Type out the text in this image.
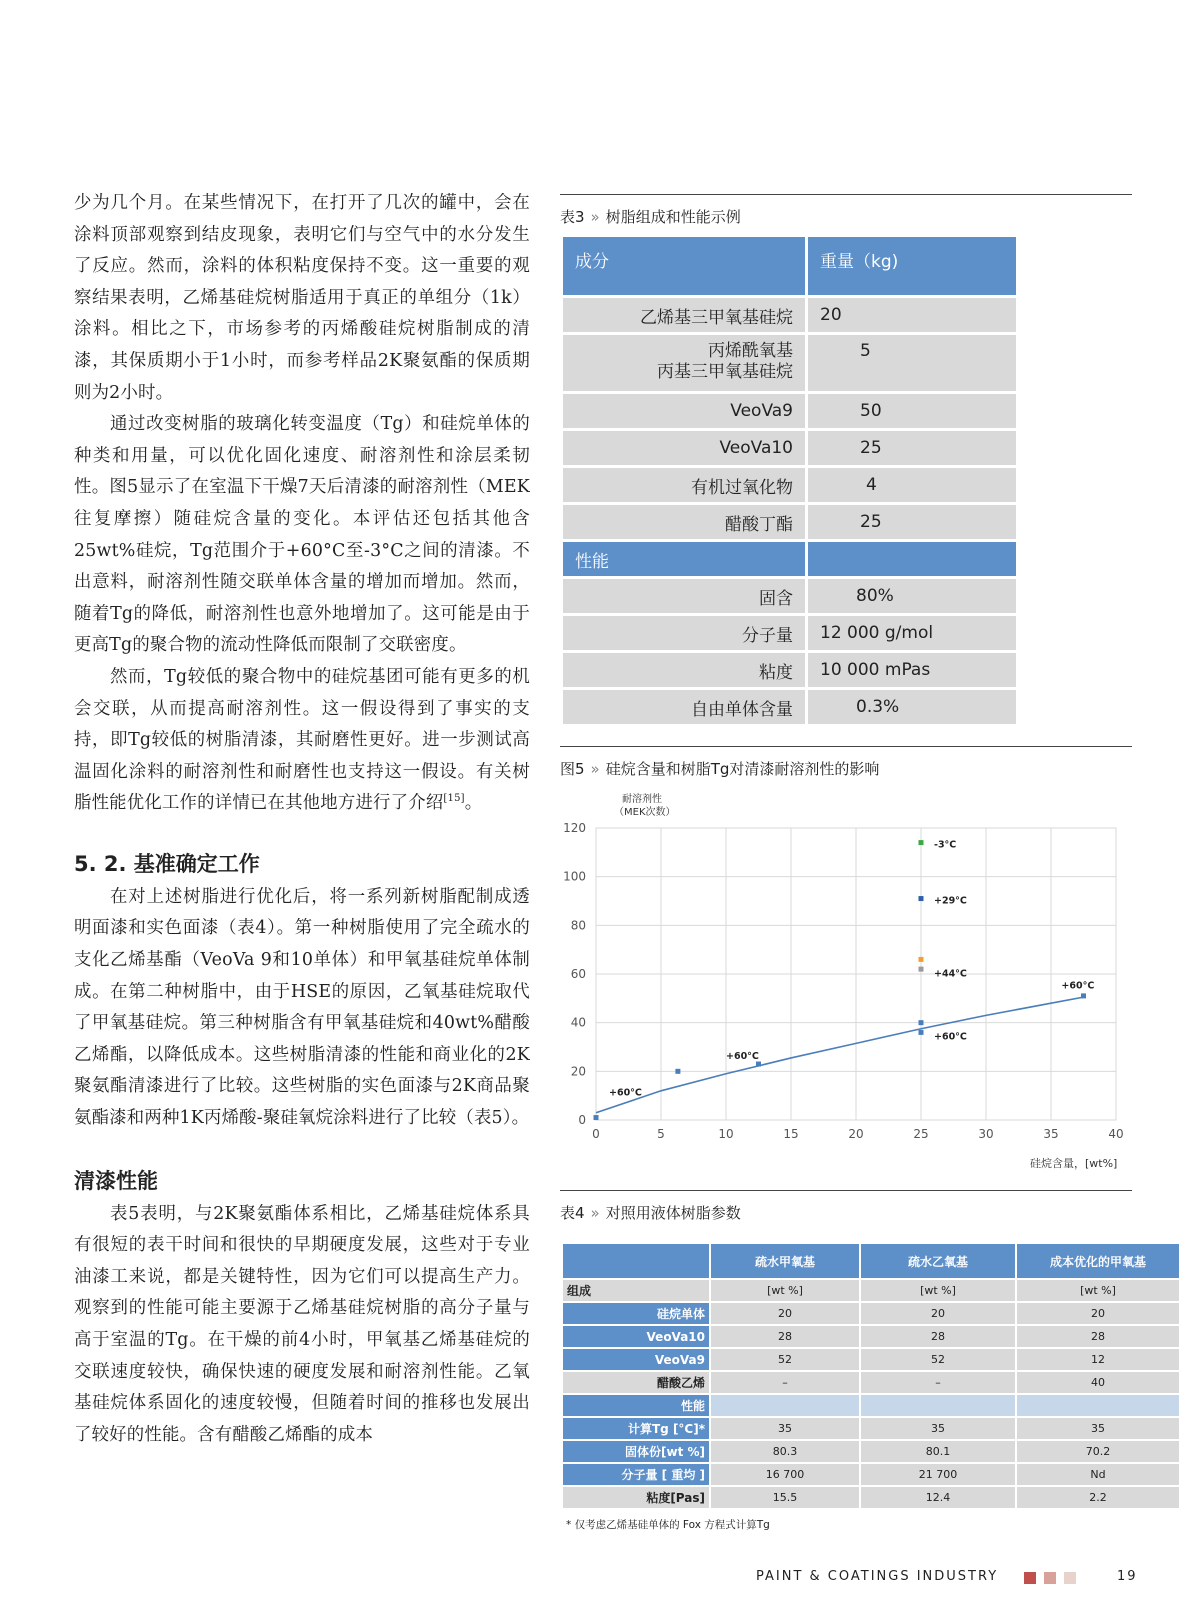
少为几个月。在某些情况下，在打开了几次的罐中，会在涂料顶部观察到结皮现象，表明它们与空气中的水分发生了反应。然而，涂料的体积粘度保持不变。这一重要的观察结果表明，乙烯基硅烷树脂适用于真正的单组分（1k）涂料。相比之下，市场参考的丙烯酸硅烷树脂制成的清漆，其保质期小于1小时，而参考样品2K聚氨酯的保质期则为2小时。

通过改变树脂的玻璃化转变温度（Tg）和硅烷单体的种类和用量，可以优化固化速度、耐溶剂性和涂层柔韧性。图5显示了在室温下干燥7天后清漆的耐溶剂性（MEK往复摩擦）随硅烷含量的变化。本评估还包括其他含25wt%硅烷，Tg范围介于+60°C至-3°C之间的清漆。不出意料，耐溶剂性随交联单体含量的增加而增加。然而，随着Tg的降低，耐溶剂性也意外地增加了。这可能是由于更高Tg的聚合物的流动性降低而限制了交联密度。

然而，Tg较低的聚合物中的硅烷基团可能有更多的机会交联，从而提高耐溶剂性。这一假设得到了事实的支持，即Tg较低的树脂清漆，其耐磨性更好。进一步测试高温固化涂料的耐溶剂性和耐磨性也支持这一假设。有关树脂性能优化工作的详情已在其他地方进行了介绍[15]。

5. 2. 基准确定工作

在对上述树脂进行优化后，将一系列新树脂配制成透明面漆和实色面漆（表4）。第一种树脂使用了完全疏水的支化乙烯基酯（VeoVa 9和10单体）和甲氧基硅烷单体制成。在第二种树脂中，由于HSE的原因，乙氧基硅烷取代了甲氧基硅烷。第三种树脂含有甲氧基硅烷和40wt%醋酸乙烯酯，以降低成本。这些树脂清漆的性能和商业化的2K聚氨酯清漆进行了比较。这些树脂的实色面漆与2K商品聚氨酯漆和两种1K丙烯酸-聚硅氧烷涂料进行了比较（表5）。

清漆性能

表5表明，与2K聚氨酯体系相比，乙烯基硅烷体系具有很短的表干时间和很快的早期硬度发展，这些对于专业油漆工来说，都是关键特性，因为它们可以提高生产力。观察到的性能可能主要源于乙烯基硅烷树脂的高分子量与高于室温的Tg。在干燥的前4小时，甲氧基乙烯基硅烷的交联速度较快，确保快速的硬度发展和耐溶剂性能。乙氧基硅烷体系固化的速度较慢，但随着时间的推移也发展出了较好的性能。含有醋酸乙烯酯的成本

表3 » 树脂组成和性能示例
成分	重量（kg)
乙烯基三甲氧基硅烷	20

丙烯酰氧基
丙基三甲氧基硅烷	5
VeoVa9	50
VeoVa10	25
有机过氧化物	4
醋酸丁酯	25
性能	
固含	80%
分子量	12 000 g/mol
粘度	10 000 mPas
自由单体含量	0.3%
图5 » 硅烷含量和树脂Tg对清漆耐溶剂性的影响
0	5	10	15	20	25	30	35	40
0
20
40
60
80
100
120
耐溶剂性
（MEK次数）
硅烷含量，[wt%]
+60°C
+60°C
+60°C
+60°C
+44°C
+29°C
-3°C
表4 » 对照用液体树脂参数
	疏水甲氧基	疏水乙氧基	成本优化的甲氧基
组成	[wt %]	[wt %]	[wt %]
硅烷单体	20	20	20
VeoVa10	28	28	28
VeoVa9	52	52	12
醋酸乙烯	–	–	40
性能			
计算Tg [°C]*	35	35	35
固体份[wt %]	80.3	80.1	70.2
分子量 [ 重均 ]	16 700	21 700	Nd
粘度[Pas]	15.5	12.4	2.2
* 仅考虑乙烯基硅单体的 Fox 方程式计算Tg
PAINT & COATINGS INDUSTRY	19
